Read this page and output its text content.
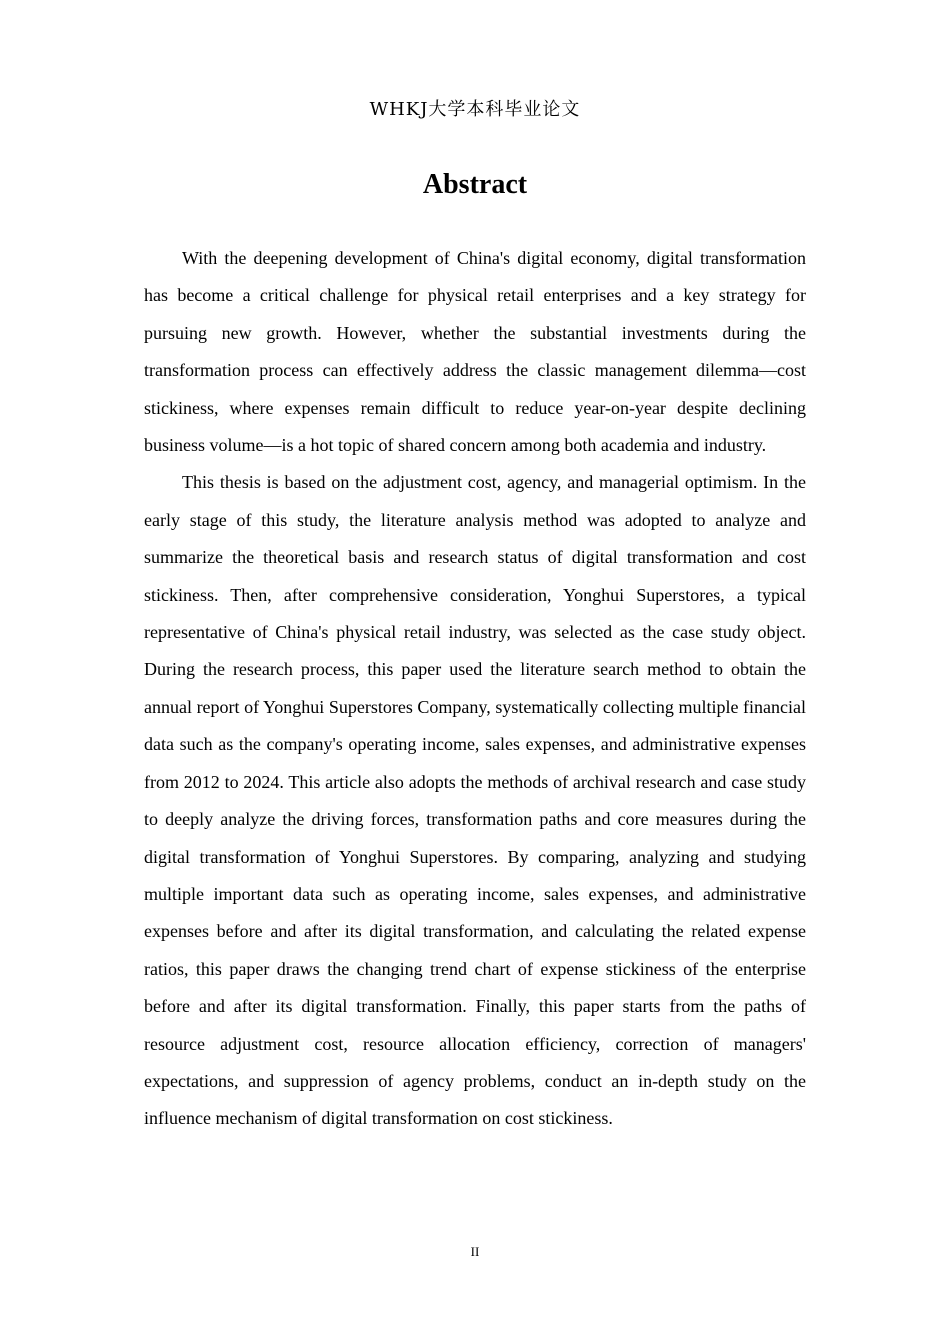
WHKJ大学本科毕业论文
Abstract

With the deepening development of China's digital economy, digital transformation has become a critical challenge for physical retail enterprises and a key strategy for pursuing new growth. However, whether the substantial investments during the transformation process can effectively address the classic management dilemma—cost stickiness, where expenses remain difficult to reduce year-on-year despite declining business volume—is a hot topic of shared concern among both academia and industry.

This thesis is based on the adjustment cost, agency, and managerial optimism. In the early stage of this study, the literature analysis method was adopted to analyze and summarize the theoretical basis and research status of digital transformation and cost stickiness. Then, after comprehensive consideration, Yonghui Superstores, a typical representative of China's physical retail industry, was selected as the case study object. During the research process, this paper used the literature search method to obtain the annual report of Yonghui Superstores Company, systematically collecting multiple financial data such as the company's operating income, sales expenses, and administrative expenses from 2012 to 2024. This article also adopts the methods of archival research and case study to deeply analyze the driving forces, transformation paths and core measures during the digital transformation of Yonghui Superstores. By comparing, analyzing and studying multiple important data such as operating income, sales expenses, and administrative expenses before and after its digital transformation, and calculating the related expense ratios, this paper draws the changing trend chart of expense stickiness of the enterprise before and after its digital transformation. Finally, this paper starts from the paths of resource adjustment cost, resource allocation efficiency, correction of managers' expectations, and suppression of agency problems, conduct an in-depth study on the influence mechanism of digital transformation on cost stickiness.

II
